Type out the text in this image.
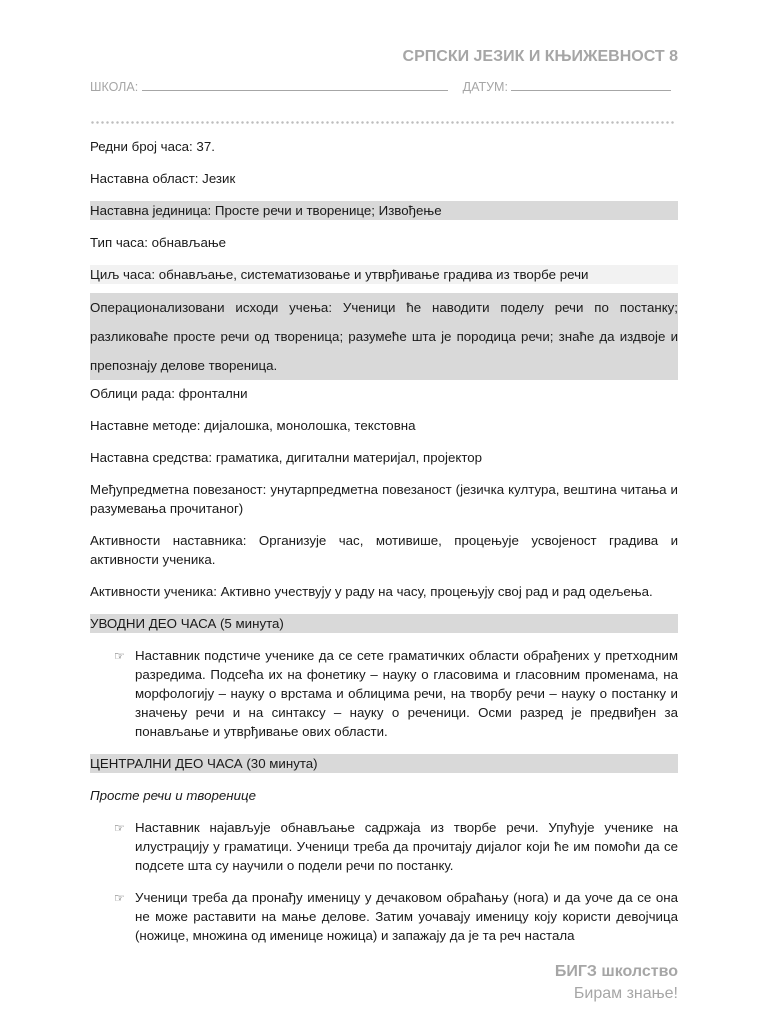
СРПСКИ ЈЕЗИК И КЊИЖЕВНОСТ 8
ШКОЛА:	ДАТУМ:
Редни број часа: 37.
Наставна област: Језик
Наставна јединица: Просте речи и творенице; Извођење
Тип часа: обнављање
Циљ часа: обнављање, систематизовање и утврђивање градива из творбе речи
Операционализовани исходи учења: Ученици ће наводити поделу речи по постанку; разликоваће просте речи од твореница; разумеће шта је породица речи; знаће да издвоје и препознају делове твореница.
Облици рада: фронтални
Наставне методе: дијалошка, монолошка, текстовна
Наставна средства: граматика, дигитални материјал, пројектор
Међупредметна повезаност: унутарпредметна повезаност (језичка култура, вештина читања и разумевања прочитаног)
Активности наставника: Организује час, мотивише, процењује усвојеност градива и активности ученика.
Активности ученика: Активно учествују у раду на часу, процењују свој рад и рад одељења.
УВОДНИ ДЕО ЧАСА (5 минута)
☞ Наставник подстиче ученике да се сете граматичких области обрађених у претходним разредима. Подсећа их на фонетику – науку о гласовима и гласовним променама, на морфологију – науку о врстама и облицима речи, на творбу речи – науку о постанку и значењу речи и на синтаксу – науку о реченици. Осми разред је предвиђен за понављање и утврђивање ових области.
ЦЕНТРАЛНИ ДЕО ЧАСА (30 минута)
Просте речи и творенице
☞ Наставник најављује обнављање садржаја из творбе речи. Упућује ученике на илустрацију у граматици. Ученици треба да прочитају дијалог који ће им помоћи да се подсете шта су научили о подели речи по постанку.
☞ Ученици треба да пронађу именицу у дечаковом обраћању (нога) и да уоче да се она не може раставити на мање делове. Затим уочавају именицу коју користи девојчица (ножице, множина од именице ножица) и запажају да је та реч настала
БИГЗ школство
Бирам знање!
